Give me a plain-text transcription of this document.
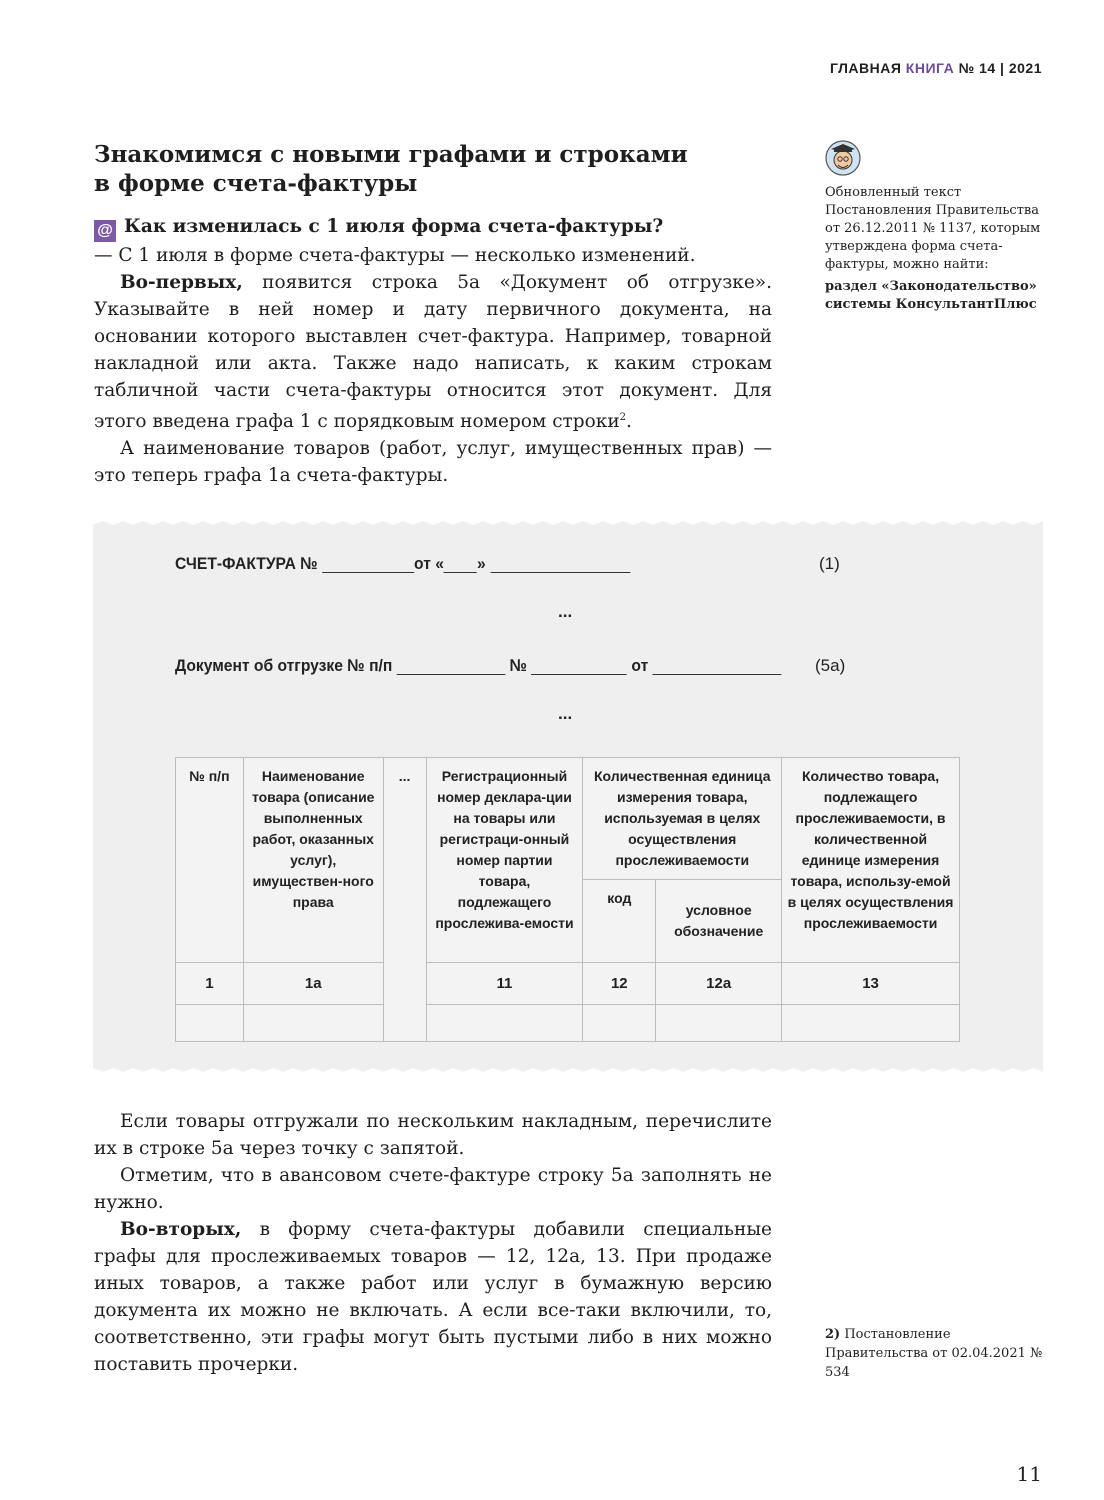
ГЛАВНАЯ КНИГА № 14 | 2021
Знакомимся с новыми графами и строками
в форме счета-фактуры
@ Как изменилась с 1 июля форма счета-фактуры?

— С 1 июля в форме счета-фактуры — несколько изменений.

Во-первых, появится строка 5а «Документ об отгрузке». Указывайте в ней номер и дату первичного документа, на основании которого выставлен счет-фактура. Например, товарной накладной или акта. Также надо написать, к каким строкам табличной части счета-фактуры относится этот документ. Для этого введена графа 1 с порядковым номером строки$^2$.

А наименование товаров (работ, услуг, имущественных прав) — это теперь графа 1а счета-фактуры.

Обновленный текст Постановления Правительства от 26.12.2011 № 1137, которым утверждена форма счета-фактуры, можно найти:
раздел «Законодательство» системы КонсультантПлюс
СЧЕТ-ФАКТУРА №	от « »	(1)
...
Документ об отгрузке № п/п	№	от	(5а)
...
№ п/п	Наименование товара (описание выполненных работ, оказанных услуг), имуществен-ного права	...	Регистрационный номер деклара-ции на товары или регистраци-онный номер партии товара, подлежащего прослежива-емости	Количественная единица измерения товара, используемая в целях осуществления прослеживаемости		Количество товара, подлежащего прослеживаемости, в количественной единице измерения товара, использу-емой в целях осуществления прослеживаемости
				код	условное обозначение	
1	1а		11	12	12а	13

Если товары отгружали по нескольким накладным, перечислите их в строке 5а через точку с запятой.

Отметим, что в авансовом счете-фактуре строку 5а заполнять не нужно.

Во-вторых, в форму счета-фактуры добавили специальные графы для прослеживаемых товаров — 12, 12а, 13. При продаже иных товаров, а также работ или услуг в бумажную версию документа их можно не включать. А если все-таки включили, то, соответственно, эти графы могут быть пустыми либо в них можно поставить прочерки.

2) Постановление Правительства от 02.04.2021 № 534
11
